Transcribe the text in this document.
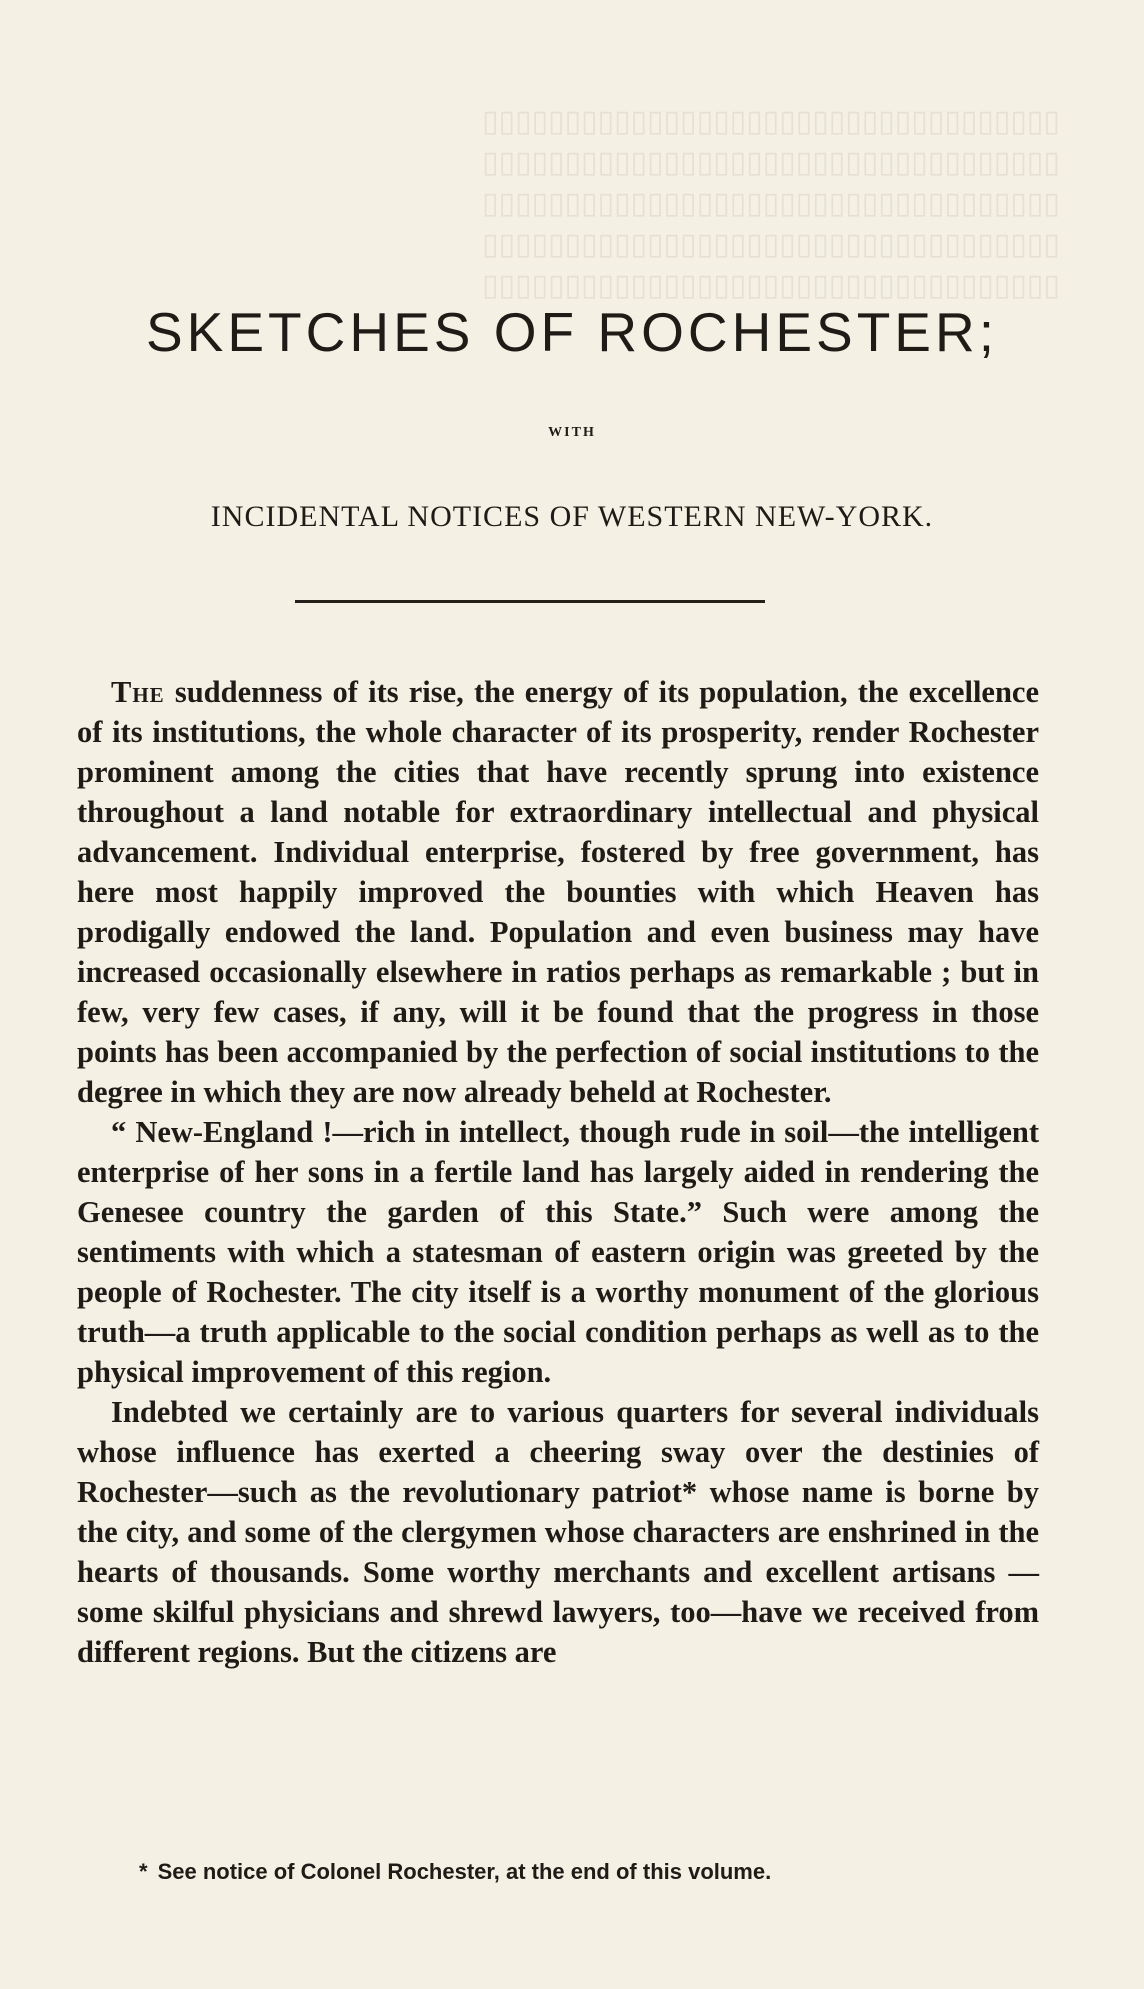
▯▯▯▯▯▯▯▯▯▯▯▯▯▯▯▯▯▯▯▯▯▯▯▯▯▯▯▯▯▯▯▯▯▯▯
▯▯▯▯▯▯▯▯▯▯▯▯▯▯▯▯▯▯▯▯▯▯▯▯▯▯▯▯▯▯▯▯▯▯▯
▯▯▯▯▯▯▯▯▯▯▯▯▯▯▯▯▯▯▯▯▯▯▯▯▯▯▯▯▯▯▯▯▯▯▯
▯▯▯▯▯▯▯▯▯▯▯▯▯▯▯▯▯▯▯▯▯▯▯▯▯▯▯▯▯▯▯▯▯▯▯
▯▯▯▯▯▯▯▯▯▯▯▯▯▯▯▯▯▯▯▯▯▯▯▯▯▯▯▯▯▯▯▯▯▯▯

SKETCHES OF ROCHESTER;
WITH
INCIDENTAL NOTICES OF WESTERN NEW-YORK.

The suddenness of its rise, the energy of its population, the excellence of its institutions, the whole character of its prosperity, render Rochester prominent among the cities that have recently sprung into existence throughout a land notable for extraordinary intellectual and physical advancement. Individual enterprise, fostered by free government, has here most happily improved the bounties with which Heaven has prodigally endowed the land. Population and even business may have increased occasionally elsewhere in ratios perhaps as remarkable ; but in few, very few cases, if any, will it be found that the progress in those points has been accompanied by the perfection of social institutions to the degree in which they are now already beheld at Rochester.

“ New-England !—rich in intellect, though rude in soil—the intelligent enterprise of her sons in a fertile land has largely aided in rendering the Genesee country the garden of this State.” Such were among the sentiments with which a statesman of eastern origin was greeted by the people of Rochester. The city itself is a worthy monument of the glorious truth—a truth applicable to the social condition perhaps as well as to the physical improvement of this region.

Indebted we certainly are to various quarters for several individuals whose influence has exerted a cheering sway over the destinies of Rochester—such as the revolutionary patriot* whose name is borne by the city, and some of the clergymen whose characters are enshrined in the hearts of thousands. Some worthy merchants and excellent artisans —some skilful physicians and shrewd lawyers, too—have we received from different regions. But the citizens are

* See notice of Colonel Rochester, at the end of this volume.
